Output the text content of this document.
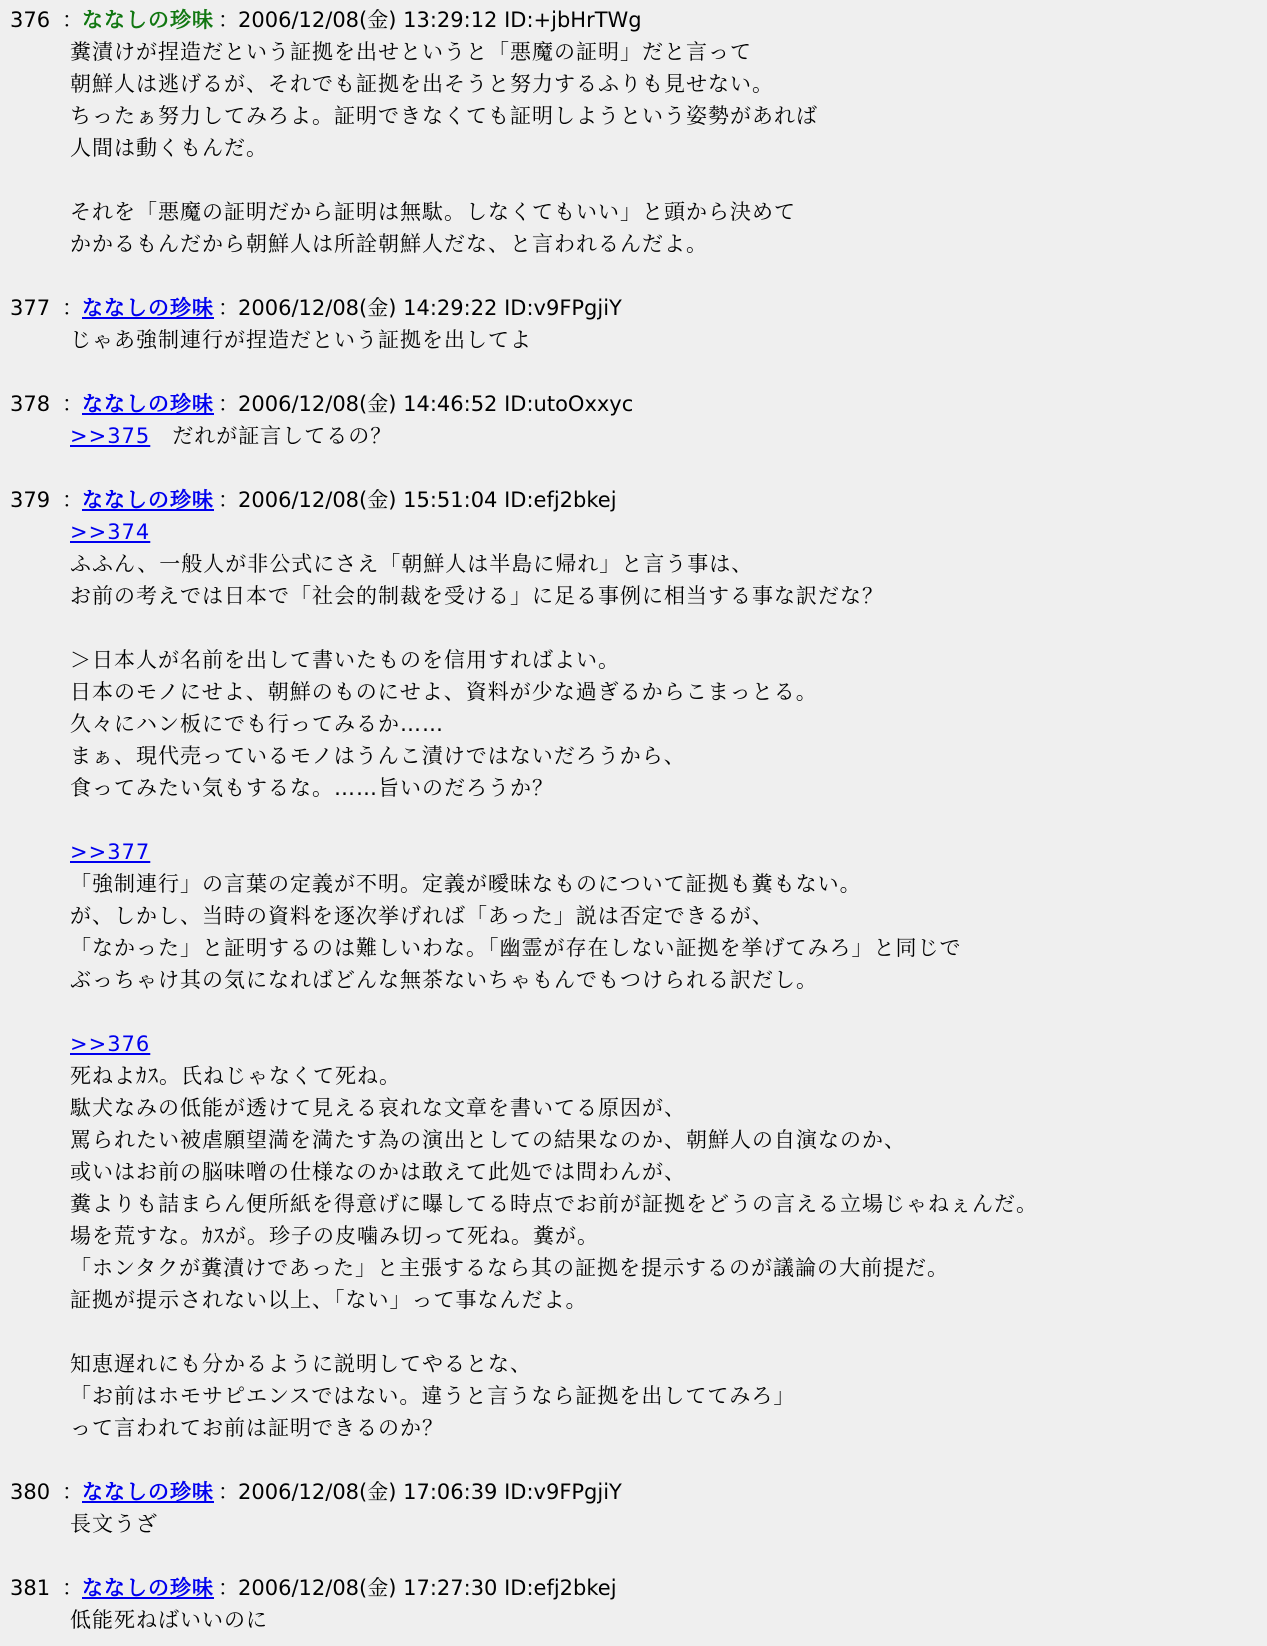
376 ： ななしの珍味 ： 2006/12/08(金) 13:29:12 ID:+jbHrTWg
糞漬けが捏造だという証拠を出せというと「悪魔の証明」だと言って
朝鮮人は逃げるが、それでも証拠を出そうと努力するふりも見せない。
ちったぁ努力してみろよ。証明できなくても証明しようという姿勢があれば
人間は動くもんだ。
それを「悪魔の証明だから証明は無駄。しなくてもいい」と頭から決めて
かかるもんだから朝鮮人は所詮朝鮮人だな、と言われるんだよ。
377 ： ななしの珍味 ： 2006/12/08(金) 14:29:22 ID:v9FPgjiY
じゃあ強制連行が捏造だという証拠を出してよ
378 ： ななしの珍味 ： 2006/12/08(金) 14:46:52 ID:utoOxxyc
>>375　だれが証言してるの？
379 ： ななしの珍味 ： 2006/12/08(金) 15:51:04 ID:efj2bkej
>>374
ふふん、一般人が非公式にさえ「朝鮮人は半島に帰れ」と言う事は、
お前の考えでは日本で「社会的制裁を受ける」に足る事例に相当する事な訳だな？
＞日本人が名前を出して書いたものを信用すればよい。
日本のモノにせよ、朝鮮のものにせよ、資料が少な過ぎるからこまっとる。
久々にハン板にでも行ってみるか……
まぁ、現代売っているモノはうんこ漬けではないだろうから、
食ってみたい気もするな。……旨いのだろうか？
>>377
「強制連行」の言葉の定義が不明。定義が曖昧なものについて証拠も糞もない。
が、しかし、当時の資料を逐次挙げれば「あった」説は否定できるが、
「なかった」と証明するのは難しいわな。「幽霊が存在しない証拠を挙げてみろ」と同じで
ぶっちゃけ其の気になればどんな無茶ないちゃもんでもつけられる訳だし。
>>376
死ねよｶｽ。氏ねじゃなくて死ね。
駄犬なみの低能が透けて見える哀れな文章を書いてる原因が、
罵られたい被虐願望満を満たす為の演出としての結果なのか、朝鮮人の自演なのか、
或いはお前の脳味噌の仕様なのかは敢えて此処では問わんが、
糞よりも詰まらん便所紙を得意げに曝してる時点でお前が証拠をどうの言える立場じゃねぇんだ。
場を荒すな。ｶｽが。珍子の皮噛み切って死ね。糞が。
「ホンタクが糞漬けであった」と主張するなら其の証拠を提示するのが議論の大前提だ。
証拠が提示されない以上、「ない」って事なんだよ。
知恵遅れにも分かるように説明してやるとな、
「お前はホモサピエンスではない。違うと言うなら証拠を出しててみろ」
って言われてお前は証明できるのか？
380 ： ななしの珍味 ： 2006/12/08(金) 17:06:39 ID:v9FPgjiY
長文うざ
381 ： ななしの珍味 ： 2006/12/08(金) 17:27:30 ID:efj2bkej
低能死ねばいいのに
